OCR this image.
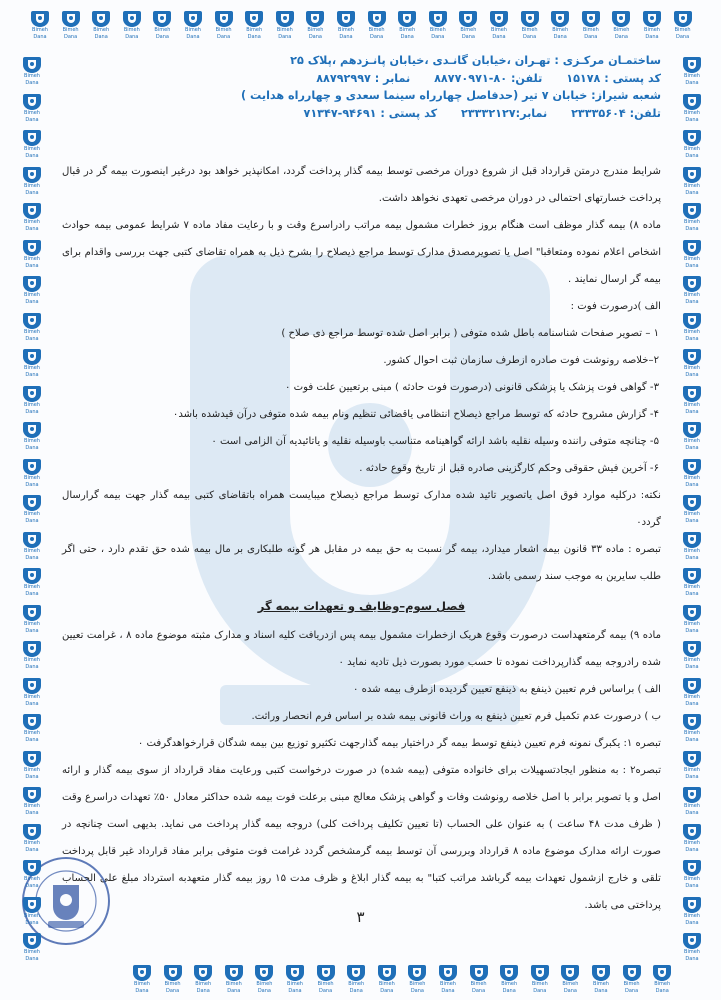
ساختمـان مرکـزی : تهـران ،خیابان گانـدی ،خیابان پانـزدهم ،پلاک ۲۵
کد پستی : ۱۵۱۷۸ تلفن: ۸۰-۸۸۷۷۰۹۷۱ نمابر : ۸۸۷۹۲۹۹۷
شعبه شیراز: خیابان ۷ تیر (حدفاصل چهارراه سینما سعدی و چهارراه هدایت )
تلفن: ۲۳۳۳۵۶۰۴ نمابر:۲۳۳۳۲۱۲۷ کد پستی : ۹۴۶۹۱-۷۱۳۴۷

شرایط مندرج درمتن قرارداد قبل از شروع دوران مرخصی توسط بیمه گذار پرداخت گردد، امکانپذیر خواهد بود درغیر اینصورت بیمه گر در قبال پرداخت خسارتهای احتمالی در دوران مرخصی تعهدی نخواهد داشت.

ماده ۸) بیمه گذار موظف است هنگام بروز خطرات مشمول بیمه مراتب رادراسرع وقت و با رعایت مفاد ماده ۷ شرایط عمومی بیمه حوادث اشخاص اعلام نموده ومتعاقبا" اصل یا تصویرمصدق مدارک توسط مراجع ذیصلاح را بشرح ذیل به همراه تقاضای کتبی جهت بررسی واقدام برای بیمه گر ارسال نمایند .

الف )درصورت فوت :

۱ – تصویر صفحات شناسنامه باطل شده متوفی ( برابر اصل شده توسط مراجع ذی صلاح )

۲–خلاصه رونوشت فوت صادره ازطرف سازمان ثبت احوال کشور.

۳- گواهی فوت پزشک یا پزشکی قانونی (درصورت فوت حادثه ) مبنی برتعیین علت فوت ۰

۴- گزارش مشروح حادثه که توسط مراجع ذیصلاح انتظامی یاقضائی تنظیم ونام بیمه شده متوفی درآن قیدشده باشد۰

۵- چنانچه متوفی راننده وسیله نقلیه باشد ارائه گواهینامه متناسب باوسیله نقلیه و یاتائیدیه آن الزامی است ۰

۶- آخرین فیش حقوقی وحکم کارگزینی صادره قبل از تاریخ وقوع حادثه .

نکته: درکلیه موارد فوق اصل یاتصویر تائید شده مدارک توسط مراجع ذیصلاح میبایست همراه باتقاضای کتبی بیمه گذار جهت بیمه گرارسال گردد۰

تبصره : ماده ۳۳ قانون بیمه اشعار میدارد، بیمه گر نسبت به حق بیمه در مقابل هر گونه طلبکاری بر مال بیمه شده حق تقدم دارد ، حتی اگر طلب سایرین به موجب سند رسمی باشد.

فصل سوم–وظایف و تعهدات بیمه گر

ماده ۹) بیمه گرمتعهداست درصورت وقوع هریک ازخطرات مشمول بیمه پس ازدریافت کلیه اسناد و مدارک مثبته موضوع ماده ۸ ، غرامت تعیین شده رادروجه بیمه گذارپرداخت نموده تا حسب مورد بصورت ذیل تادیه نماید ۰

الف ) براساس فرم تعیین ذینفع به ذینفع تعیین گردیده ازطرف بیمه شده ۰

ب ) درصورت عدم تکمیل فرم تعیین ذینفع به وراث قانونی بیمه شده بر اساس فرم انحصار وراثت.

تبصره ۱: یکبرگ نمونه فرم تعیین ذینفع توسط بیمه گر دراختیار بیمه گذارجهت تکثیرو توزیع بین بیمه شدگان قرارخواهدگرفت ۰

تبصره۲ : به منظور ایجادتسهیلات برای خانواده متوفی (بیمه شده) در صورت درخواست کتبی ورعایت مفاد قرارداد از سوی بیمه گذار و ارائه اصل و یا تصویر برابر با اصل خلاصه رونوشت وفات و گواهی پزشک معالج مبنی برعلت فوت بیمه شده حداکثر معادل ۵۰٪ تعهدات دراسرع وقت ( ظرف مدت ۴۸ ساعت ) به عنوان علی الحساب (تا تعیین تکلیف پرداخت کلی) دروجه بیمه گذار پرداخت می نماید. بدیهی است چنانچه در صورت ارائه مدارک موضوع ماده ۸ قرارداد وبررسی آن توسط بیمه گرمشخص گردد غرامت فوت متوفی برابر مفاد قرارداد غیر قابل پرداخت تلقی و خارج ازشمول تعهدات بیمه گرباشد مراتب کتبا" به بیمه گذار ابلاغ و ظرف مدت ۱۵ روز بیمه گذار متعهدبه استرداد مبلغ علی الحساب پرداختی می باشد.

۳
Bimeh Dana
Bimeh Dana
Bimeh Dana
Bimeh Dana
Bimeh Dana
Bimeh Dana
Bimeh Dana
Bimeh Dana
Bimeh Dana
Bimeh Dana
Bimeh Dana
Bimeh Dana
Bimeh Dana
Bimeh Dana
Bimeh Dana
Bimeh Dana
Bimeh Dana
Bimeh Dana
Bimeh Dana
Bimeh Dana
Bimeh Dana
Bimeh Dana
Bimeh Dana
Bimeh Dana
Bimeh Dana
Bimeh Dana
Bimeh Dana
Bimeh Dana
Bimeh Dana
Bimeh Dana
Bimeh Dana
Bimeh Dana
Bimeh Dana
Bimeh Dana
Bimeh Dana
Bimeh Dana
Bimeh Dana
Bimeh Dana
Bimeh Dana
Bimeh Dana
Bimeh Dana
Bimeh Dana
Bimeh Dana
Bimeh Dana
Bimeh Dana
Bimeh Dana
Bimeh Dana
Bimeh Dana
Bimeh Dana
Bimeh Dana
Bimeh Dana
Bimeh Dana
Bimeh Dana
Bimeh Dana
Bimeh Dana
Bimeh Dana
Bimeh Dana
Bimeh Dana
Bimeh Dana
Bimeh Dana
Bimeh Dana
Bimeh Dana
Bimeh Dana
Bimeh Dana
Bimeh Dana
Bimeh Dana
Bimeh Dana
Bimeh Dana
Bimeh Dana
Bimeh Dana
Bimeh Dana
Bimeh Dana
Bimeh Dana
Bimeh Dana
Bimeh Dana
Bimeh Dana
Bimeh Dana
Bimeh Dana
Bimeh Dana
Bimeh Dana
Bimeh Dana
Bimeh Dana
Bimeh Dana
Bimeh Dana
Bimeh Dana
Bimeh Dana
Bimeh Dana
Bimeh Dana
Bimeh Dana
Bimeh Dana
